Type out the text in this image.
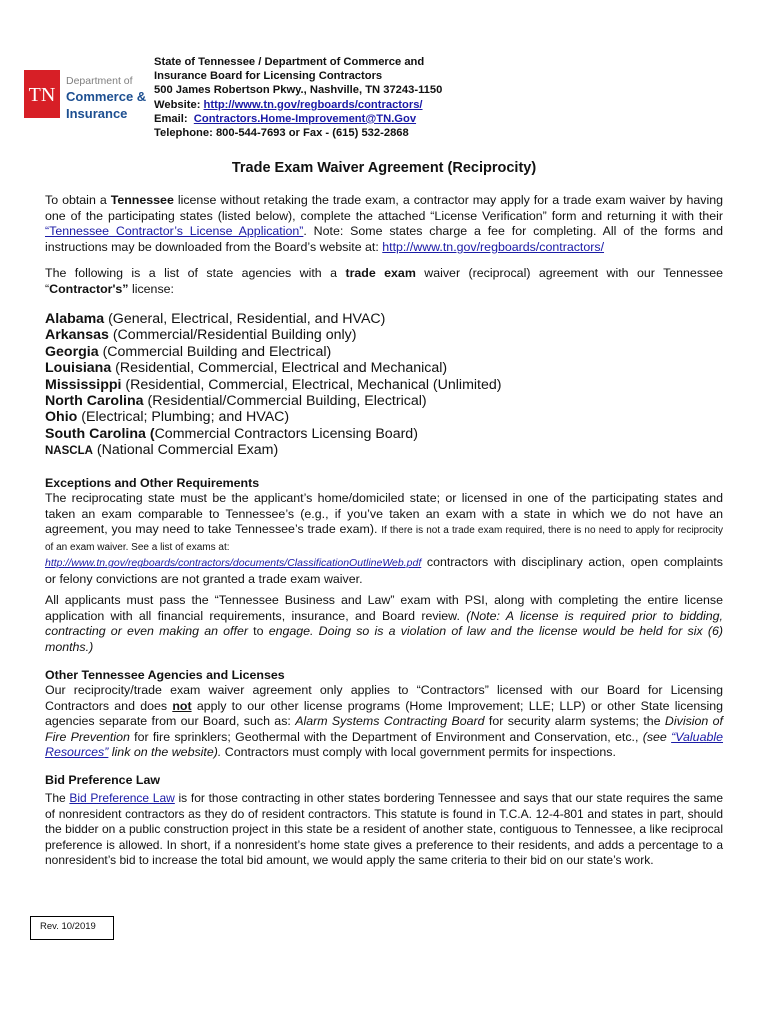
TN
Department of
Commerce &
Insurance
State of Tennessee / Department of Commerce and
Insurance Board for Licensing Contractors
500 James Robertson Pkwy., Nashville, TN 37243-1150
Website: http://www.tn.gov/regboards/contractors/
Email: Contractors.Home-Improvement@TN.Gov
Telephone: 800-544-7693 or Fax - (615) 532-2868
Trade Exam Waiver Agreement (Reciprocity)
To obtain a Tennessee license without retaking the trade exam, a contractor may apply for a trade exam waiver by having one of the participating states (listed below), complete the attached “License Verification” form and returning it with their “Tennessee Contractor’s License Application”. Note: Some states charge a fee for completing. All of the forms and instructions may be downloaded from the Board’s website at: http://www.tn.gov/regboards/contractors/
The following is a list of state agencies with a trade exam waiver (reciprocal) agreement with our Tennessee “Contractor's” license:
Alabama (General, Electrical, Residential, and HVAC)
Arkansas (Commercial/Residential Building only)
Georgia (Commercial Building and Electrical)
Louisiana (Residential, Commercial, Electrical and Mechanical)
Mississippi (Residential, Commercial, Electrical, Mechanical (Unlimited)
North Carolina (Residential/Commercial Building, Electrical)
Ohio (Electrical; Plumbing; and HVAC)
South Carolina (Commercial Contractors Licensing Board)
NASCLA (National Commercial Exam)
Exceptions and Other Requirements
The reciprocating state must be the applicant’s home/domiciled state; or licensed in one of the participating states and taken an exam comparable to Tennessee’s (e.g., if you’ve taken an exam with a state in which we do not have an agreement, you may need to take Tennessee’s trade exam). If there is not a trade exam required, there is no need to apply for reciprocity of an exam waiver. See a list of exams at:
http://www.tn.gov/regboards/contractors/documents/ClassificationOutlineWeb.pdf contractors with disciplinary action, open complaints or felony convictions are not granted a trade exam waiver.
All applicants must pass the “Tennessee Business and Law” exam with PSI, along with completing the entire license application with all financial requirements, insurance, and Board review. (Note: A license is required prior to bidding, contracting or even making an offer to engage. Doing so is a violation of law and the license would be held for six (6) months.)
Other Tennessee Agencies and Licenses
Our reciprocity/trade exam waiver agreement only applies to “Contractors” licensed with our Board for Licensing Contractors and does not apply to our other license programs (Home Improvement; LLE; LLP) or other State licensing agencies separate from our Board, such as: Alarm Systems Contracting Board for security alarm systems; the Division of Fire Prevention for fire sprinklers; Geothermal with the Department of Environment and Conservation, etc., (see “Valuable Resources” link on the website). Contractors must comply with local government permits for inspections.
Bid Preference Law
The Bid Preference Law is for those contracting in other states bordering Tennessee and says that our state requires the same of nonresident contractors as they do of resident contractors. This statute is found in T.C.A. 12-4-801 and states in part, should the bidder on a public construction project in this state be a resident of another state, contiguous to Tennessee, a like reciprocal preference is allowed. In short, if a nonresident’s home state gives a preference to their residents, and adds a percentage to a nonresident’s bid to increase the total bid amount, we would apply the same criteria to their bid on our state’s work.
Rev. 10/2019
